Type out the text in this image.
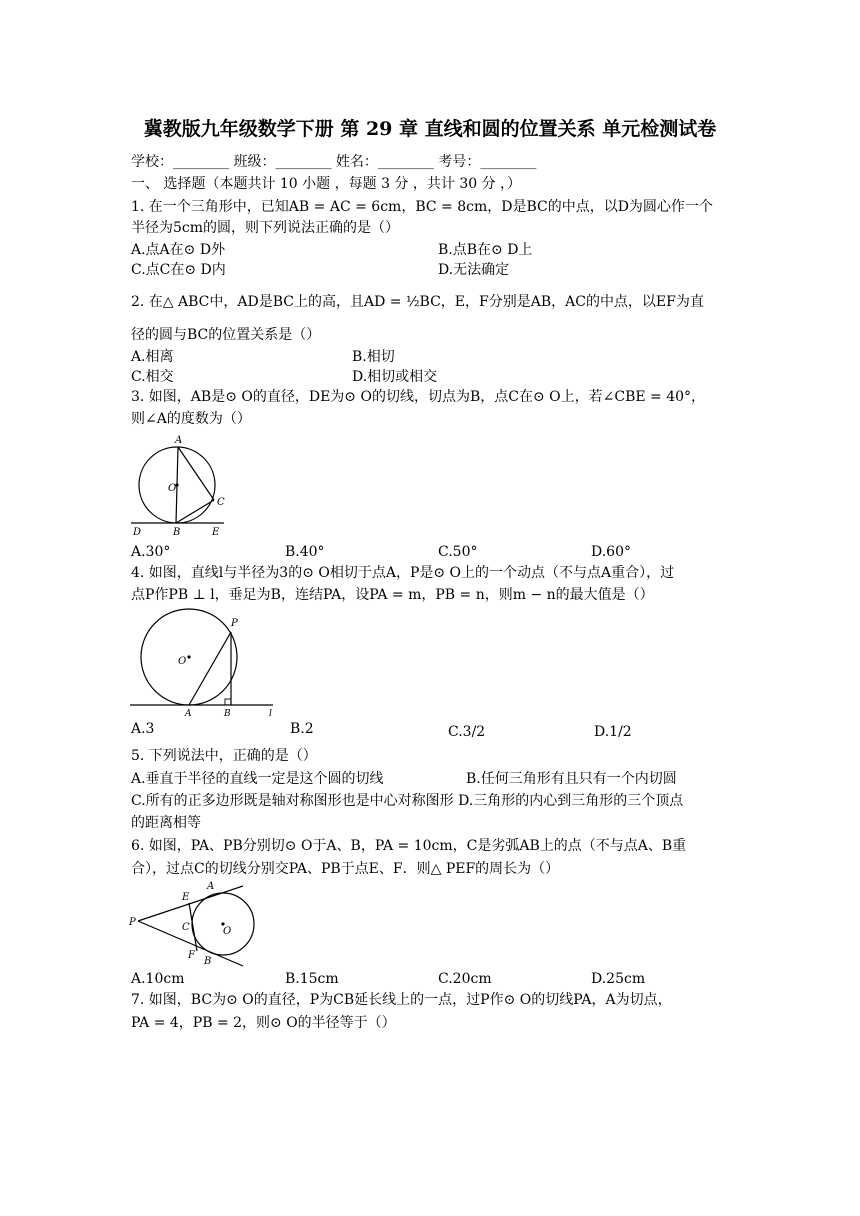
冀教版九年级数学下册 第 29 章 直线和圆的位置关系 单元检测试卷
学校：________ 班级：________ 姓名：________ 考号：________
一、 选择题（本题共计 10 小题 ，每题 3 分 ，共计 30 分 ，）
1. 在一个三角形中，已知AB = AC = 6cm，BC = 8cm，D是BC的中点，以D为圆心作一个
半径为5cm的圆，则下列说法正确的是（）
A.点A在⊙ D外	B.点B在⊙ D上
C.点C在⊙ D内	D.无法确定
2. 在△ ABC中，AD是BC上的高，且AD = ½BC，E，F分别是AB，AC的中点，以EF为直
径的圆与BC的位置关系是（）
A.相离	B.相切
C.相交	D.相切或相交
3. 如图，AB是⊙ O的直径，DE为⊙ O的切线，切点为B，点C在⊙ O上，若∠CBE = 40°，
则∠A的度数为（）
A
O
C
D	B	E
A.30°	B.40°	C.50°	D.60°
4. 如图，直线l与半径为3的⊙ O相切于点A，P是⊙ O上的一个动点（不与点A重合），过
点P作PB ⊥ l，垂足为B，连结PA，设PA = m，PB = n，则m − n的最大值是（）
P
O
A	B	l
A.3	B.2	C.3/2	D.1/2
5. 下列说法中，正确的是（）
A.垂直于半径的直线一定是这个圆的切线	B.任何三角形有且只有一个内切圆
C.所有的正多边形既是轴对称图形也是中心对称图形 D.三角形的内心到三角形的三个顶点
的距离相等
6. 如图，PA、PB分别切⊙ O于A、B，PA = 10cm，C是劣弧AB上的点（不与点A、B重
合），过点C的切线分别交PA、PB于点E、F．则△ PEF的周长为（）
E
A
P	C	O
F
B
A.10cm	B.15cm	C.20cm	D.25cm
7. 如图，BC为⊙ O的直径，P为CB延长线上的一点，过P作⊙ O的切线PA，A为切点，
PA = 4，PB = 2，则⊙ O的半径等于（）
